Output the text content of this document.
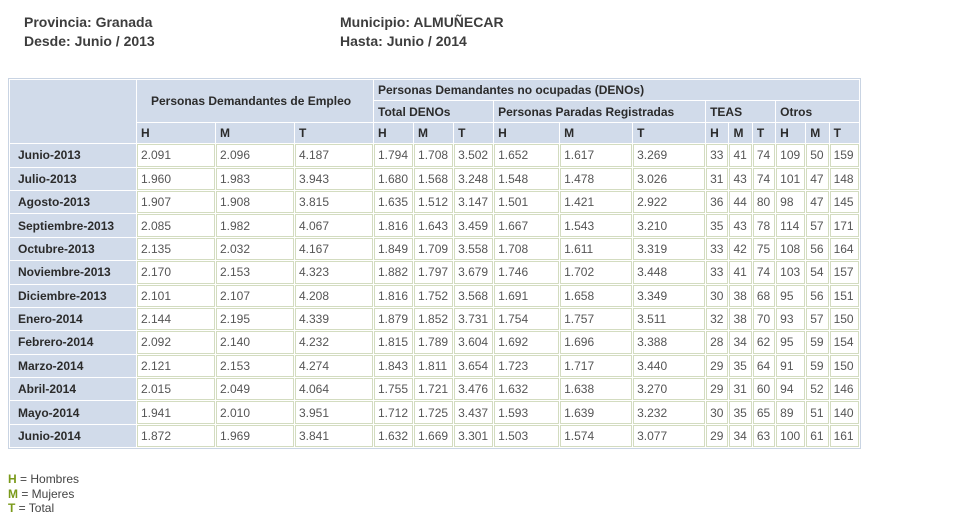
Provincia: Granada
Desde: Junio / 2013
Municipio: ALMUÑECAR
Hasta: Junio / 2014
	Personas Demandantes de Empleo			Personas Demandantes no ocupadas (DENOs)											
				Total DENOs			Personas Paradas Registradas			TEAS			Otros		
	H	M	T	H	M	T	H	M	T	H	M	T	H	M	T
Junio-2013	2.091	2.096	4.187	1.794	1.708	3.502	1.652	1.617	3.269	33	41	74	109	50	159
Julio-2013	1.960	1.983	3.943	1.680	1.568	3.248	1.548	1.478	3.026	31	43	74	101	47	148
Agosto-2013	1.907	1.908	3.815	1.635	1.512	3.147	1.501	1.421	2.922	36	44	80	98	47	145
Septiembre-2013	2.085	1.982	4.067	1.816	1.643	3.459	1.667	1.543	3.210	35	43	78	114	57	171
Octubre-2013	2.135	2.032	4.167	1.849	1.709	3.558	1.708	1.611	3.319	33	42	75	108	56	164
Noviembre-2013	2.170	2.153	4.323	1.882	1.797	3.679	1.746	1.702	3.448	33	41	74	103	54	157
Diciembre-2013	2.101	2.107	4.208	1.816	1.752	3.568	1.691	1.658	3.349	30	38	68	95	56	151
Enero-2014	2.144	2.195	4.339	1.879	1.852	3.731	1.754	1.757	3.511	32	38	70	93	57	150
Febrero-2014	2.092	2.140	4.232	1.815	1.789	3.604	1.692	1.696	3.388	28	34	62	95	59	154
Marzo-2014	2.121	2.153	4.274	1.843	1.811	3.654	1.723	1.717	3.440	29	35	64	91	59	150
Abril-2014	2.015	2.049	4.064	1.755	1.721	3.476	1.632	1.638	3.270	29	31	60	94	52	146
Mayo-2014	1.941	2.010	3.951	1.712	1.725	3.437	1.593	1.639	3.232	30	35	65	89	51	140
Junio-2014	1.872	1.969	3.841	1.632	1.669	3.301	1.503	1.574	3.077	29	34	63	100	61	161
H = Hombres
M = Mujeres
T = Total
